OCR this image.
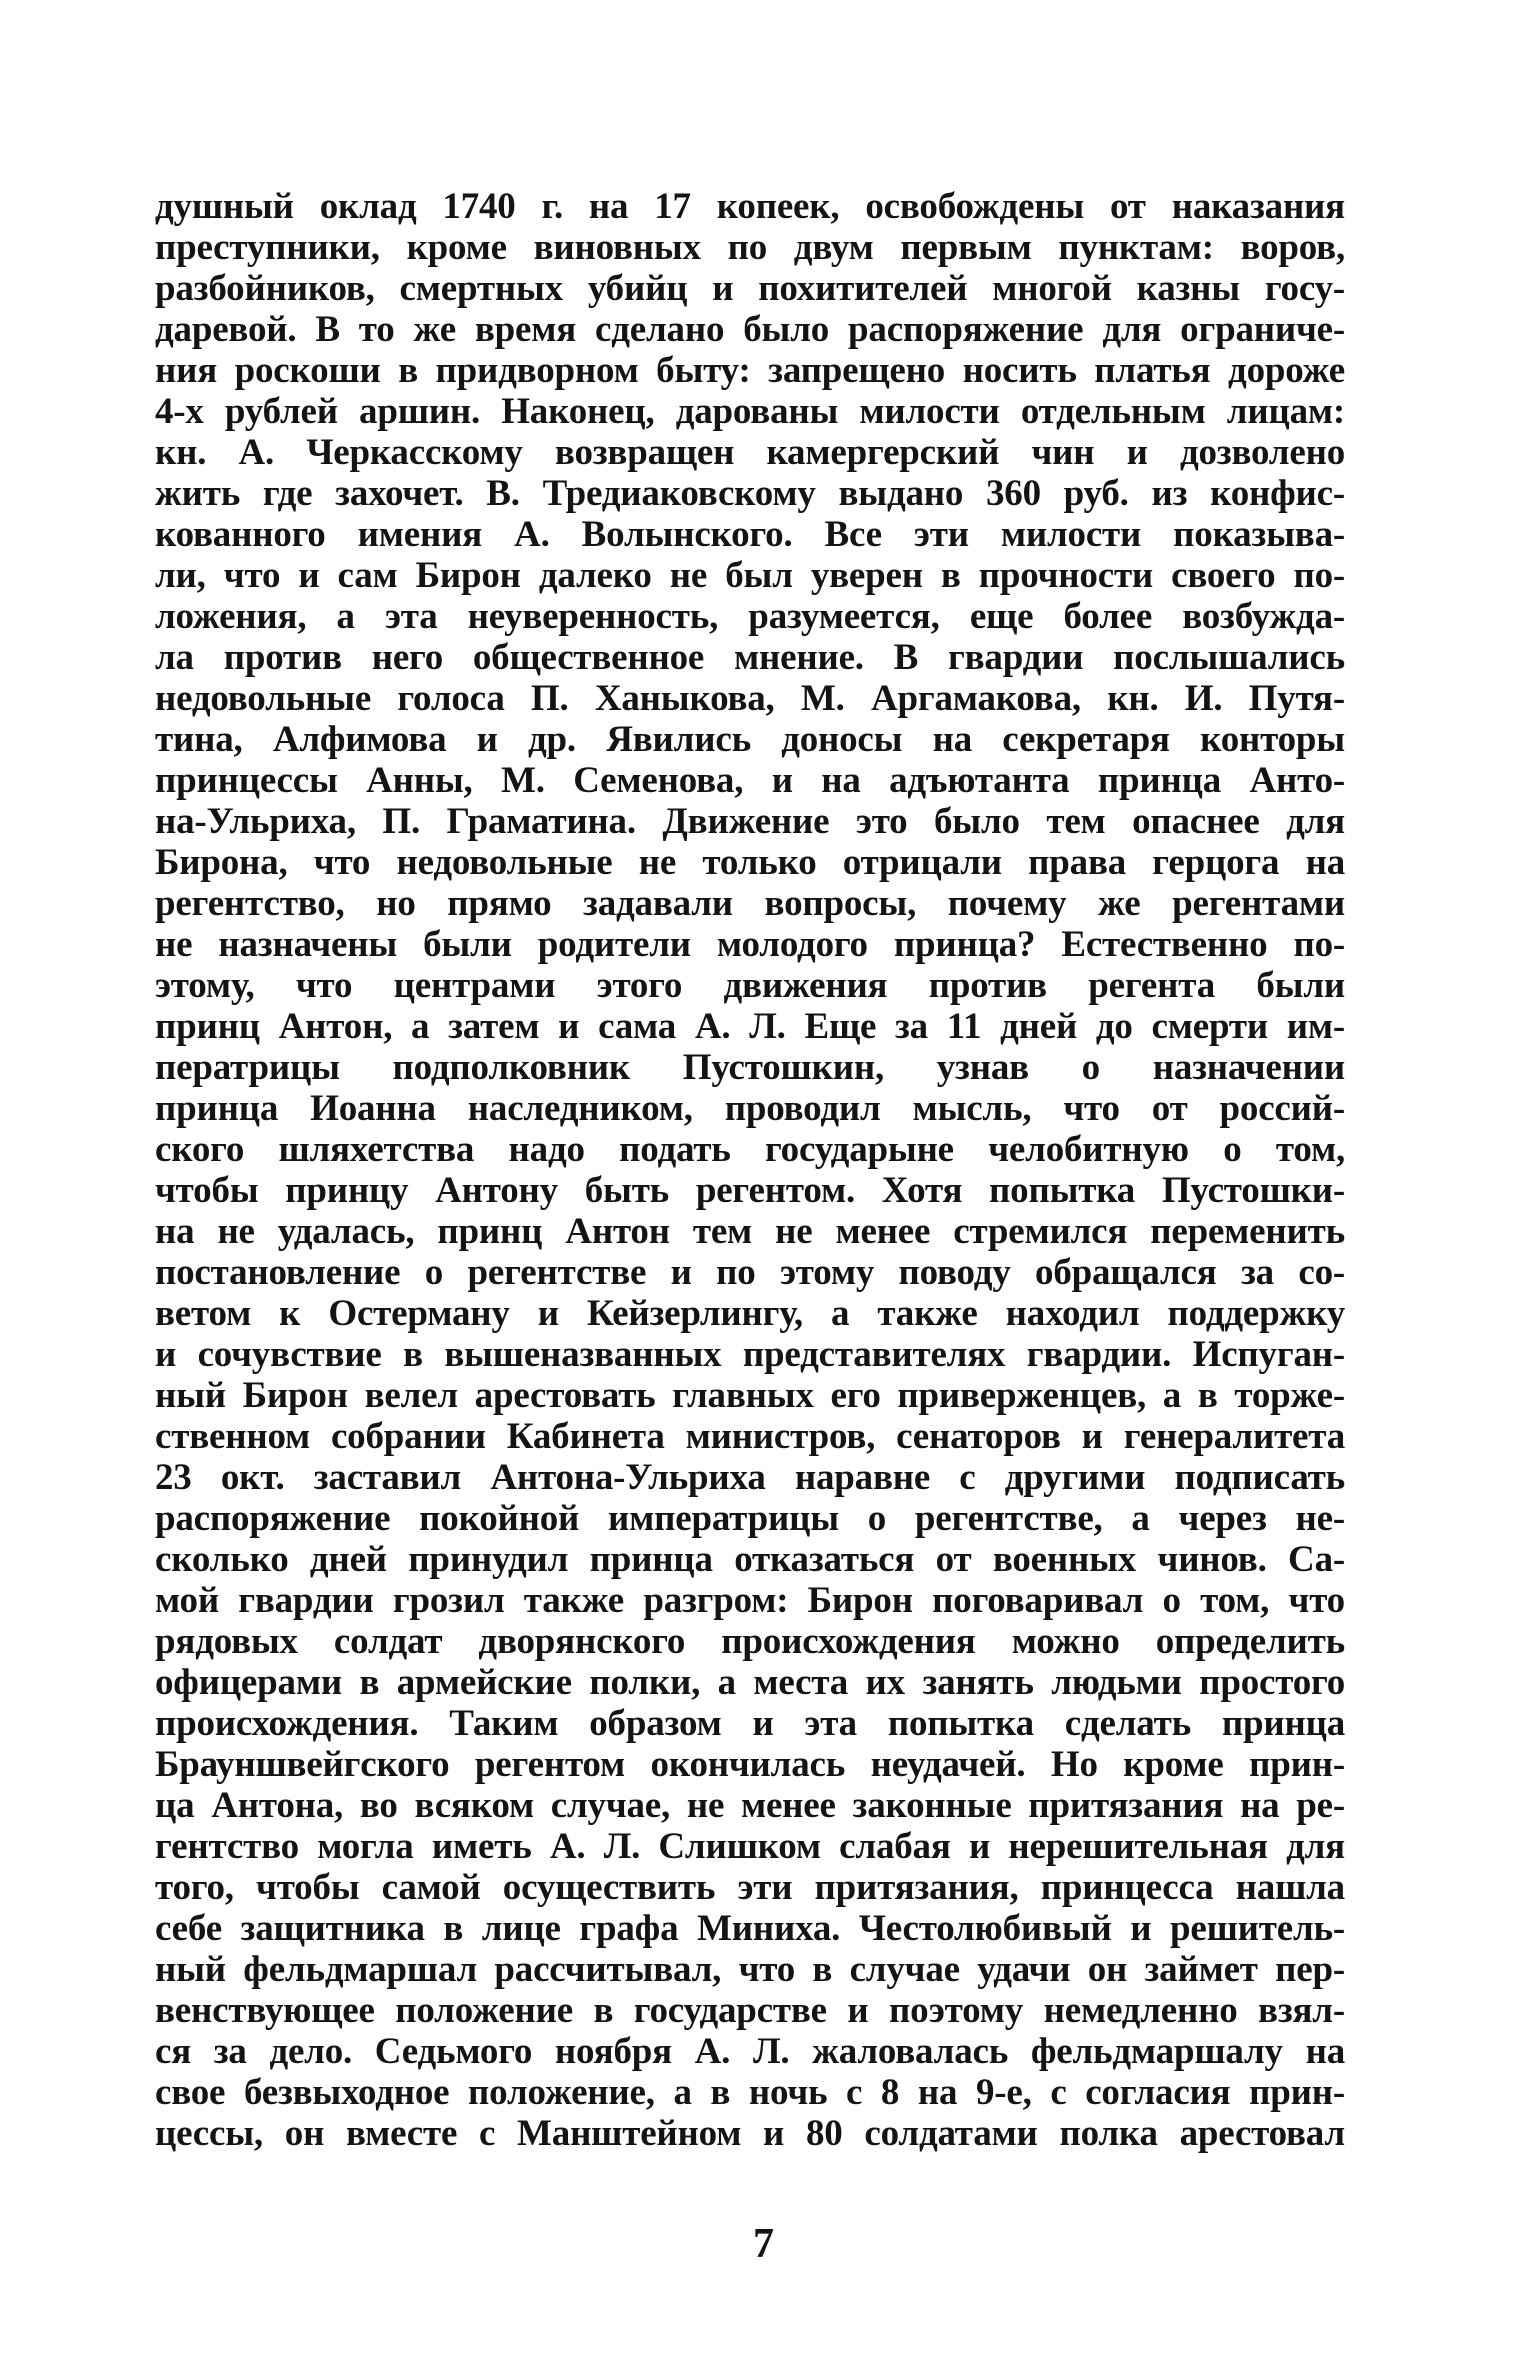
душный оклад 1740 г. на 17 копеек, освобождены от наказания
преступники, кроме виновных по двум первым пунктам: воров,
разбойников, смертных убийц и похитителей многой казны госу-
даревой. В то же время сделано было распоряжение для ограниче-
ния роскоши в придворном быту: запрещено носить платья дороже
4-х рублей аршин. Наконец, дарованы милости отдельным лицам:
кн. А. Черкасскому возвращен камергерский чин и дозволено
жить где захочет. В. Тредиаковскому выдано 360 руб. из конфис-
кованного имения А. Волынского. Все эти милости показыва-
ли, что и сам Бирон далеко не был уверен в прочности своего по-
ложения, а эта неуверенность, разумеется, еще более возбужда-
ла против него общественное мнение. В гвардии послышались
недовольные голоса П. Ханыкова, М. Аргамакова, кн. И. Путя-
тина, Алфимова и др. Явились доносы на секретаря конторы
принцессы Анны, М. Семенова, и на адъютанта принца Анто-
на-Ульриха, П. Граматина. Движение это было тем опаснее для
Бирона, что недовольные не только отрицали права герцога на
регентство, но прямо задавали вопросы, почему же регентами
не назначены были родители молодого принца? Естественно по-
этому, что центрами этого движения против регента были
принц Антон, а затем и сама А. Л. Еще за 11 дней до смерти им-
ператрицы подполковник Пустошкин, узнав о назначении
принца Иоанна наследником, проводил мысль, что от россий-
ского шляхетства надо подать государыне челобитную о том,
чтобы принцу Антону быть регентом. Хотя попытка Пустошки-
на не удалась, принц Антон тем не менее стремился переменить
постановление о регентстве и по этому поводу обращался за со-
ветом к Остерману и Кейзерлингу, а также находил поддержку
и сочувствие в вышеназванных представителях гвардии. Испуган-
ный Бирон велел арестовать главных его приверженцев, а в торже-
ственном собрании Кабинета министров, сенаторов и генералитета
23 окт. заставил Антона-Ульриха наравне с другими подписать
распоряжение покойной императрицы о регентстве, а через не-
сколько дней принудил принца отказаться от военных чинов. Са-
мой гвардии грозил также разгром: Бирон поговаривал о том, что
рядовых солдат дворянского происхождения можно определить
офицерами в армейские полки, а места их занять людьми простого
происхождения. Таким образом и эта попытка сделать принца
Брауншвейгского регентом окончилась неудачей. Но кроме прин-
ца Антона, во всяком случае, не менее законные притязания на ре-
гентство могла иметь А. Л. Слишком слабая и нерешительная для
того, чтобы самой осуществить эти притязания, принцесса нашла
себе защитника в лице графа Миниха. Честолюбивый и решитель-
ный фельдмаршал рассчитывал, что в случае удачи он займет пер-
венствующее положение в государстве и поэтому немедленно взял-
ся за дело. Седьмого ноября А. Л. жаловалась фельдмаршалу на
свое безвыходное положение, а в ночь с 8 на 9-е, с согласия прин-
цессы, он вместе с Манштейном и 80 солдатами полка арестовал
7
